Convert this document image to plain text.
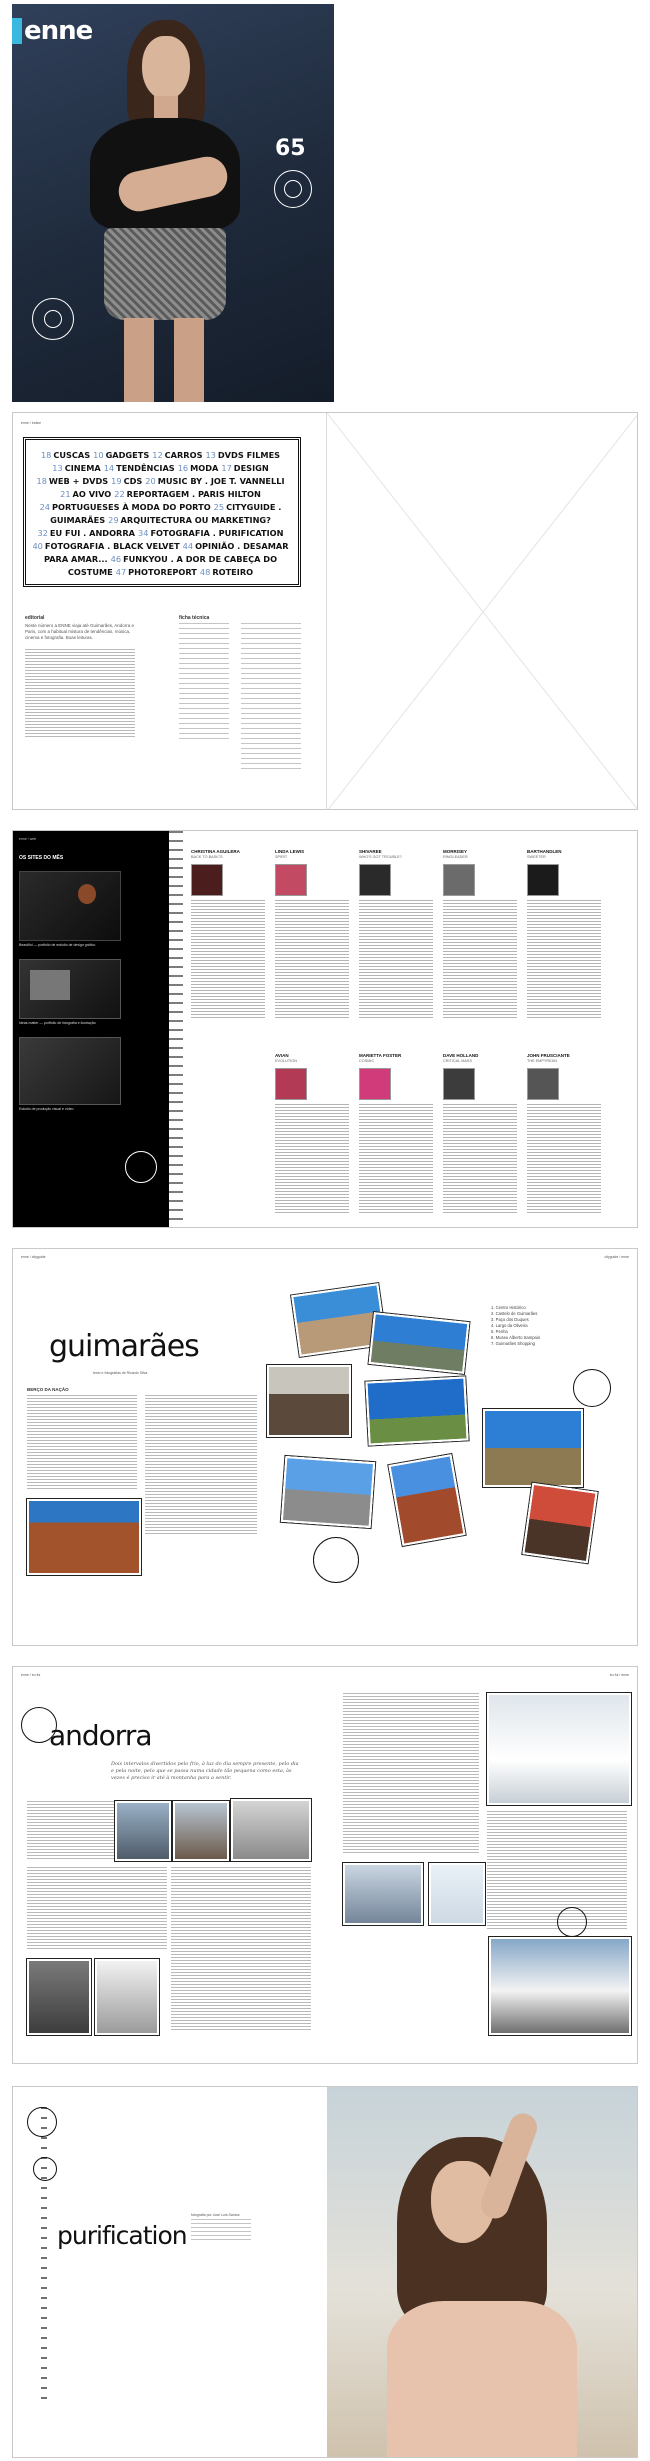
enne
65
enne / índice
18 CUSCAS 10 GADGETS 12 CARROS 13 DVDS FILMES
13 CINEMA 14 TENDÊNCIAS 16 MODA 17 DESIGN
18 WEB + DVDS 19 CDS 20 MUSIC BY . JOE T. VANNELLI
21 AO VIVO 22 REPORTAGEM . PARIS HILTON
24 PORTUGUESES À MODA DO PORTO 25 CITYGUIDE .
GUIMARÃES 29 ARQUITECTURA OU MARKETING?
32 EU FUI . ANDORRA 34 FOTOGRAFIA . PURIFICATION
40 FOTOGRAFIA . BLACK VELVET 44 OPINIÃO . DESAMAR
PARA AMAR... 46 FUNKYOU . A DOR DE CABEÇA DO
COSTUME 47 PHOTOREPORT 48 ROTEIRO
editorial
Neste número a ENNE viaja até Guimarães, Andorra e Paris, com a habitual mistura de tendências, música, cinema e fotografia. Boas leituras.
ficha técnica
enne / web
OS SITES DO MÊS
Beautiful — portfolio de estúdio de design gráfico
Ideas matter — portfolio de fotografia e ilustração
Estúdio de produção visual e vídeo
CHRISTINA AGUILERA
BACK TO BASICS
LINDA LEWIS
SPIRIT
SHIVAREE
WHO'S GOT TROUBLE?
MORRISEY
RINGLEADER
BARTHANDLEN
SWEETER
AVIAN
EVOLUTION
MARIETTA FOSTER
COSMIC
DAVE HOLLAND
CRITICAL MASS
JOHN FRUSCIANTE
THE EMPYREAN
enne / cityguide	cityguide / enne
guimarães
texto e fotografias de Ricardo Silva
BERÇO DA NAÇÃO
1. Centro Histórico
2. Castelo de Guimarães
3. Paço dos Duques
4. Largo da Oliveira
5. Penha
6. Museu Alberto Sampaio
7. Guimarães Shopping
enne / eu fui	eu fui / enne
andorra
Dois intervalos divertidos pelo frio, à luz do dia sempre presente, pelo dia e pela noite, pelo que se passa numa cidade tão pequena como esta, às vezes é preciso ir até à montanha para a sentir.
purification
fotografia por José Luís Santos
